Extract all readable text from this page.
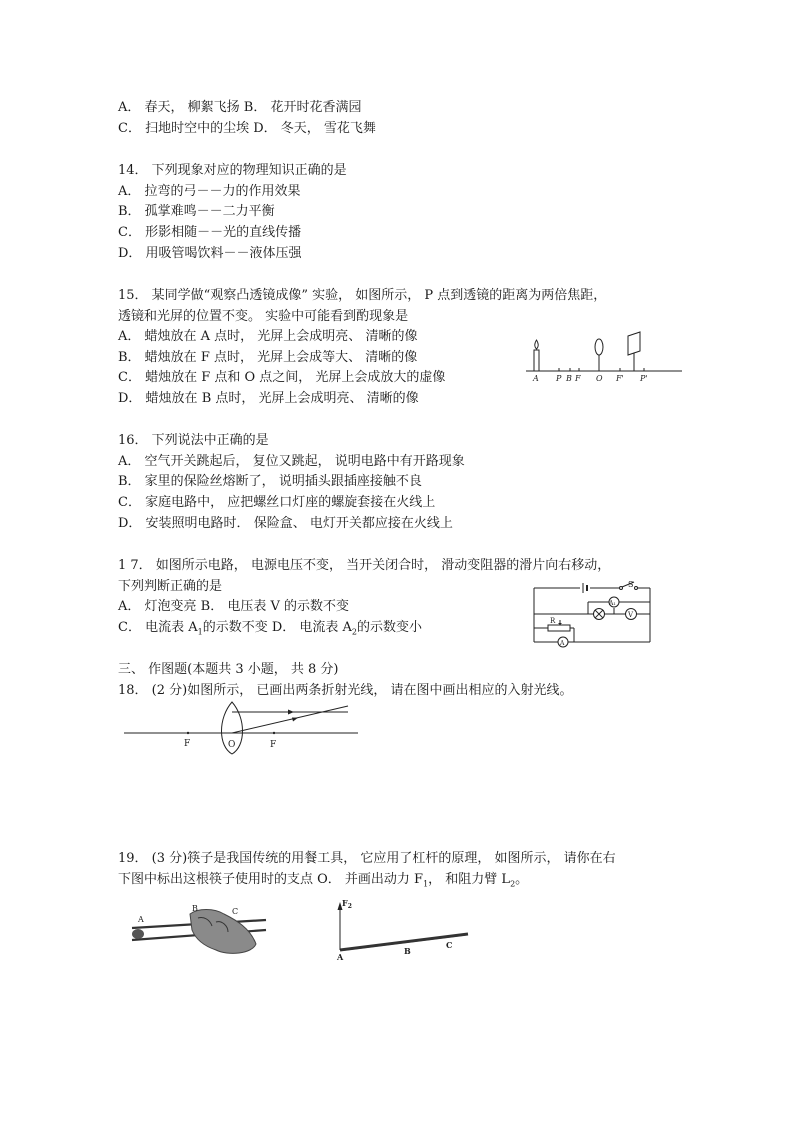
A． 春天， 柳絮飞扬 B． 花开时花香满园
C． 扫地时空中的尘埃 D． 冬天， 雪花飞舞
14． 下列现象对应的物理知识正确的是
A． 拉弯的弓－－力的作用效果
B． 孤掌难鸣－－二力平衡
C． 形影相随－－光的直线传播
D． 用吸管喝饮料－－液体压强
15． 某同学做“观察凸透镜成像” 实验， 如图所示， P 点到透镜的距离为两倍焦距，
透镜和光屏的位置不变。 实验中可能看到酌现象是
A． 蜡烛放在 A 点时， 光屏上会成明亮、 清晰的像
B． 蜡烛放在 F 点时， 光屏上会成等大、 清晰的像
C． 蜡烛放在 F 点和 O 点之间， 光屏上会成放大的虚像
D． 蜡烛放在 B 点时， 光屏上会成明亮、 清晰的像
A P B F O F' P'
16． 下列说法中正确的是
A． 空气开关跳起后， 复位又跳起， 说明电路中有开路现象
B． 家里的保险丝熔断了， 说明插头跟插座接触不良
C． 家庭电路中， 应把螺丝口灯座的螺旋套接在火线上
D． 安装照明电路时． 保险盒、 电灯开关都应接在火线上
1 7． 如图所示电路， 电源电压不变， 当开关闭合时， 滑动变阻器的滑片向右移动，
下列判断正确的是
A． 灯泡变亮 B． 电压表 V 的示数不变
C． 电流表 $A_1$的示数不变 D． 电流表 $A_2$的示数变小
S
V
A₁
R
A
三、 作图题(本题共 3 小题， 共 8 分)
18． (2 分)如图所示， 已画出两条折射光线， 请在图中画出相应的入射光线。
F	O	F
19． (3 分)筷子是我国传统的用餐工具， 它应用了杠杆的原理， 如图所示， 请你在右
下图中标出这根筷子使用时的支点 O． 并画出动力 $F_1$， 和阻力臂 $L_2$。
A
B	C
$F_2$
A
B
C
